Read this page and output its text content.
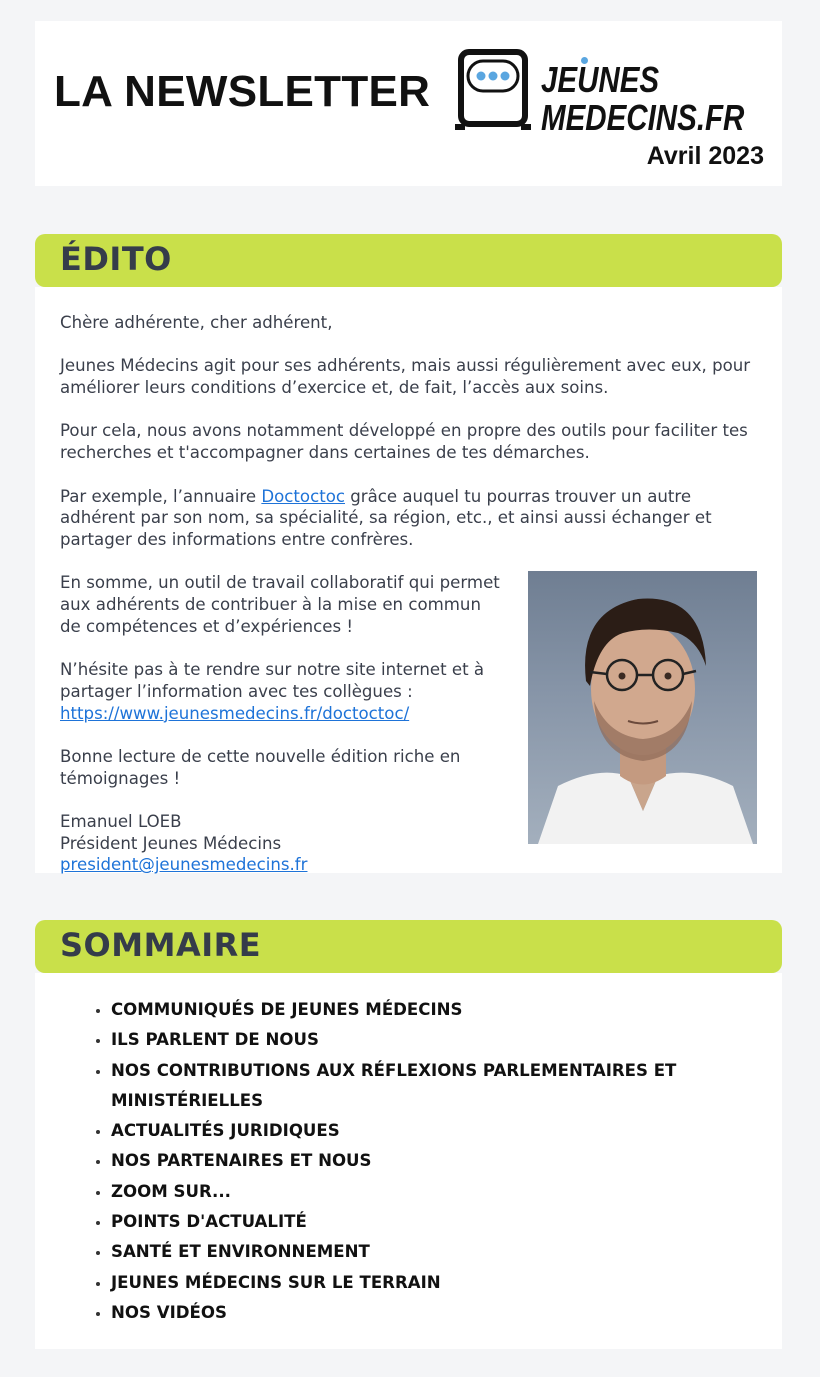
LA NEWSLETTER	JEUNES
MEDECINS.FR
Avril 2023
ÉDITO

Chère adhérente, cher adhérent,

Jeunes Médecins agit pour ses adhérents, mais aussi régulièrement avec eux, pour améliorer leurs conditions d’exercice et, de fait, l’accès aux soins.

Pour cela, nous avons notamment développé en propre des outils pour faciliter tes recherches et t'accompagner dans certaines de tes démarches.

Par exemple, l’annuaire Doctoctoc grâce auquel tu pourras trouver un autre adhérent par son nom, sa spécialité, sa région, etc., et ainsi aussi échanger et partager des informations entre confrères.

En somme, un outil de travail collaboratif qui permet aux adhérents de contribuer à la mise en commun de compétences et d’expériences !

N’hésite pas à te rendre sur notre site internet et à partager l’information avec tes collègues :
https://www.jeunesmedecins.fr/doctoctoc/

Bonne lecture de cette nouvelle édition riche en témoignages !

Emanuel LOEB

Président Jeunes Médecins

president@jeunesmedecins.fr

SOMMAIRE
• COMMUNIQUÉS DE JEUNES MÉDECINS
• ILS PARLENT DE NOUS
• NOS CONTRIBUTIONS AUX RÉFLEXIONS PARLEMENTAIRES ET MINISTÉRIELLES
• ACTUALITÉS JURIDIQUES
• NOS PARTENAIRES ET NOUS
• ZOOM SUR...
• POINTS D'ACTUALITÉ
• SANTÉ ET ENVIRONNEMENT
• JEUNES MÉDECINS SUR LE TERRAIN
• NOS VIDÉOS
